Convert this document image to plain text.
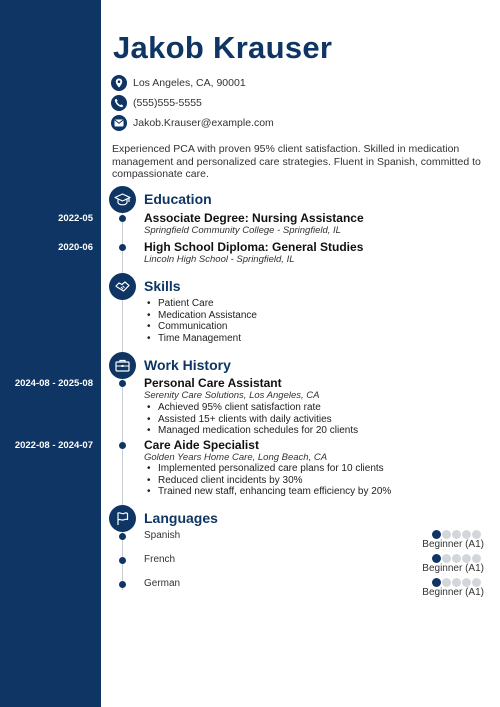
Jakob Krauser
Los Angeles, CA, 90001
(555)555-5555
Jakob.Krauser@example.com
Experienced PCA with proven 95% client satisfaction. Skilled in medication management and personalized care strategies. Fluent in Spanish, committed to compassionate care.
Education
2022-05	Associate Degree: Nursing Assistance
Springfield Community College - Springfield, IL
2020-06	High School Diploma: General Studies
Lincoln High School - Springfield, IL
Skills
• Patient Care
• Medication Assistance
• Communication
• Time Management
Work History
2024-08 - 2025-08	Personal Care Assistant
Serenity Care Solutions, Los Angeles, CA
• Achieved 95% client satisfaction rate
• Assisted 15+ clients with daily activities
• Managed medication schedules for 20 clients
2022-08 - 2024-07	Care Aide Specialist
Golden Years Home Care, Long Beach, CA
• Implemented personalized care plans for 10 clients
• Reduced client incidents by 30%
• Trained new staff, enhancing team efficiency by 20%
Languages
Spanish
Beginner (A1)
French
Beginner (A1)
German
Beginner (A1)
